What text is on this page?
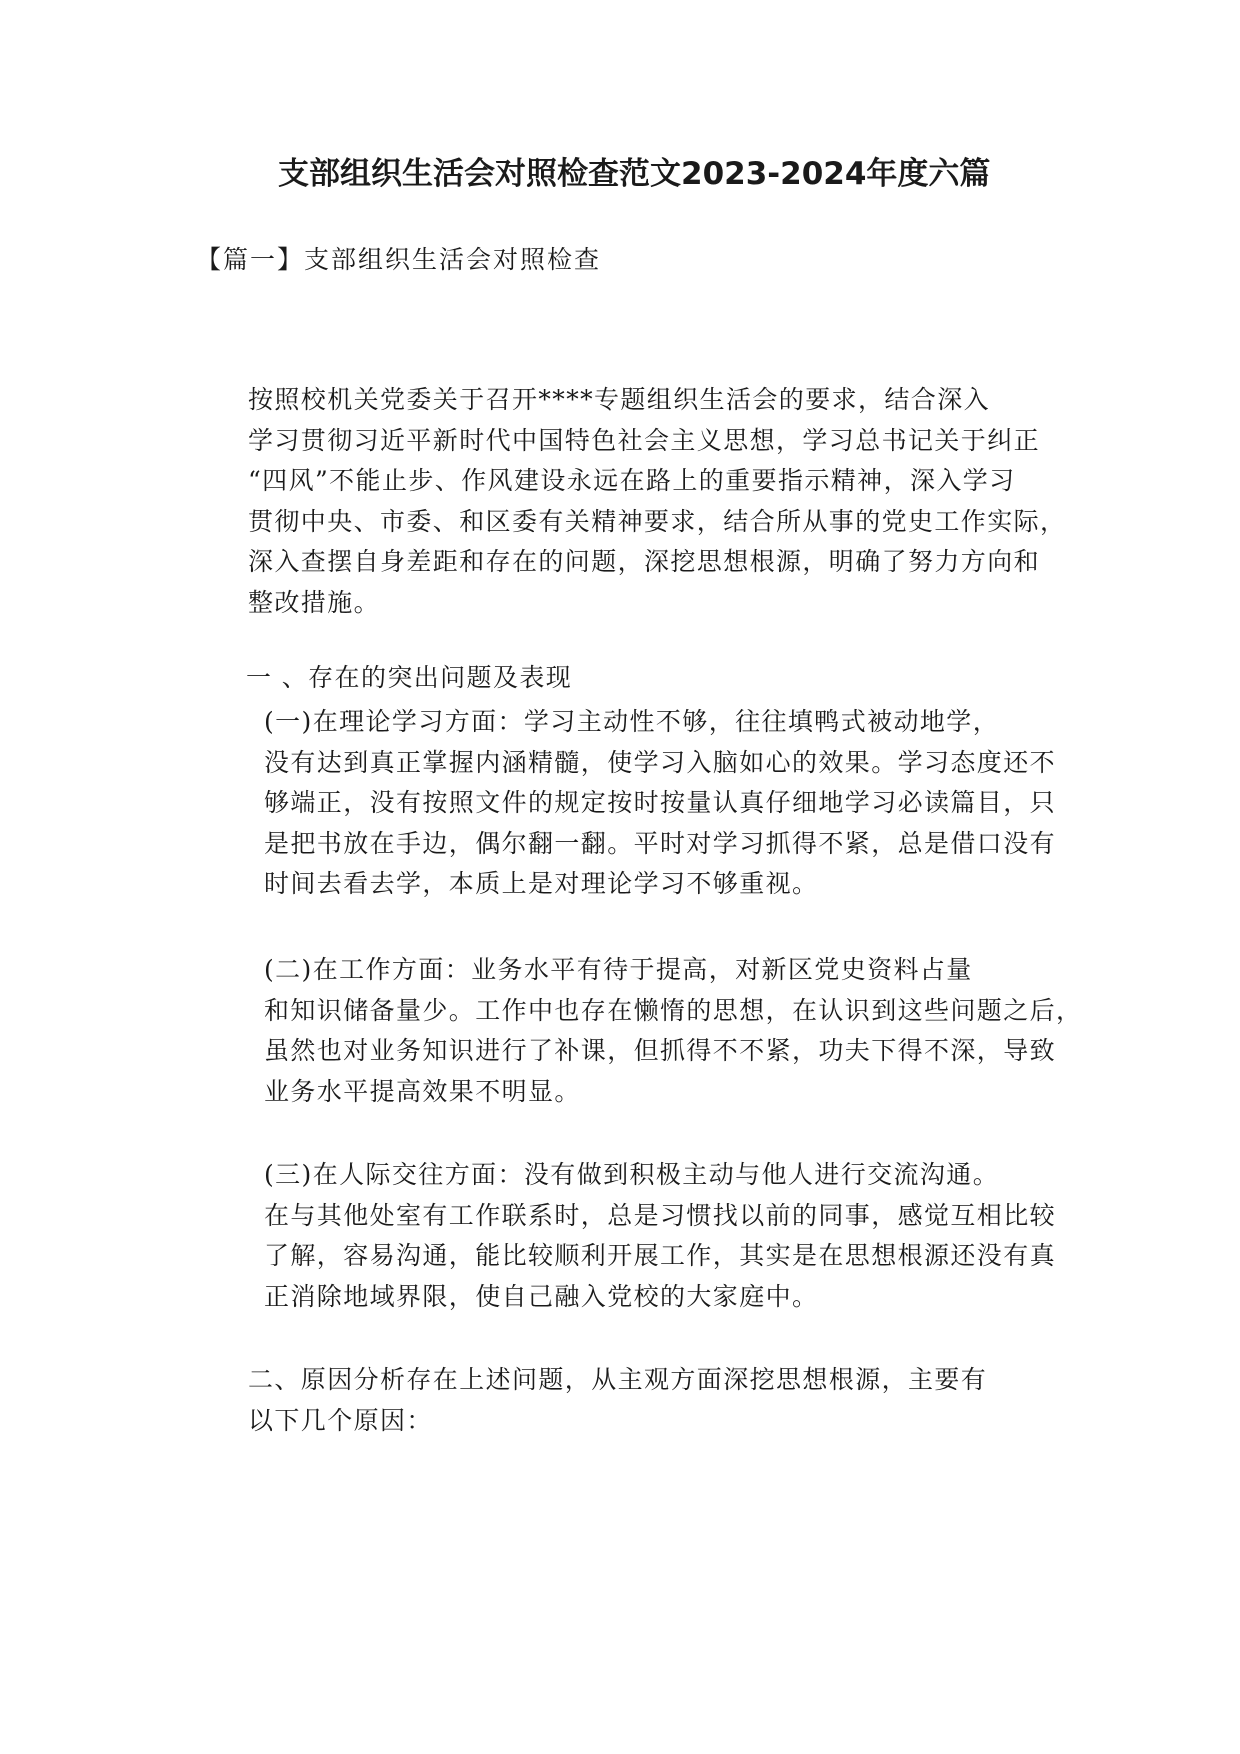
支部组织生活会对照检查范文2023-2024年度六篇

【篇一】支部组织生活会对照检查

按照校机关党委关于召开****专题组织生活会的要求，结合深入
学习贯彻习近平新时代中国特色社会主义思想，学习总书记关于纠正
“四风”不能止步、作风建设永远在路上的重要指示精神，深入学习
贯彻中央、市委、和区委有关精神要求，结合所从事的党史工作实际，
深入查摆自身差距和存在的问题，深挖思想根源，明确了努力方向和
整改措施。

一 、存在的突出问题及表现

(一)在理论学习方面：学习主动性不够，往往填鸭式被动地学，
没有达到真正掌握内涵精髓，使学习入脑如心的效果。学习态度还不
够端正，没有按照文件的规定按时按量认真仔细地学习必读篇目，只
是把书放在手边，偶尔翻一翻。平时对学习抓得不紧，总是借口没有
时间去看去学，本质上是对理论学习不够重视。
(二)在工作方面：业务水平有待于提高，对新区党史资料占量
和知识储备量少。工作中也存在懒惰的思想，在认识到这些问题之后，
虽然也对业务知识进行了补课，但抓得不不紧，功夫下得不深，导致
业务水平提高效果不明显。
(三)在人际交往方面：没有做到积极主动与他人进行交流沟通。
在与其他处室有工作联系时，总是习惯找以前的同事，感觉互相比较
了解，容易沟通，能比较顺利开展工作，其实是在思想根源还没有真
正消除地域界限，使自己融入党校的大家庭中。
二、原因分析存在上述问题，从主观方面深挖思想根源，主要有
以下几个原因：
